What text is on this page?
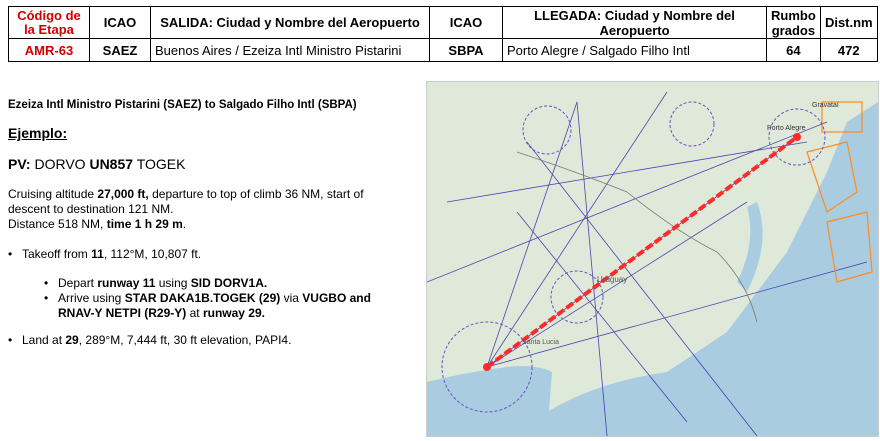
Código de la Etapa	ICAO	SALIDA: Ciudad y Nombre del Aeropuerto	ICAO	LLEGADA: Ciudad y Nombre del Aeropuerto	Rumbo grados	Dist.nm
AMR-63	SAEZ	Buenos Aires / Ezeiza Intl Ministro Pistarini	SBPA	Porto Alegre / Salgado Filho Intl	64	472
Ezeiza Intl Ministro Pistarini (SAEZ) to Salgado Filho Intl (SBPA)
Ejemplo:
PV: DORVO UN857 TOGEK
Cruising altitude 27,000 ft, departure to top of climb 36 NM, start of descent to destination 121 NM.
Distance 518 NM, time 1 h 29 m.
• Takeoff from 11, 112°M, 10,807 ft.
• Depart runway 11 using SID DORV1A.
• Arrive using STAR DAKA1B.TOGEK (29) via VUGBO and RNAV-Y NETPI (R29-Y) at runway 29.
• Land at 29, 289°M, 7,444 ft, 30 ft elevation, PAPI4.
Uruguay
Santa Lucia
Porto Alegre
Gravataí
